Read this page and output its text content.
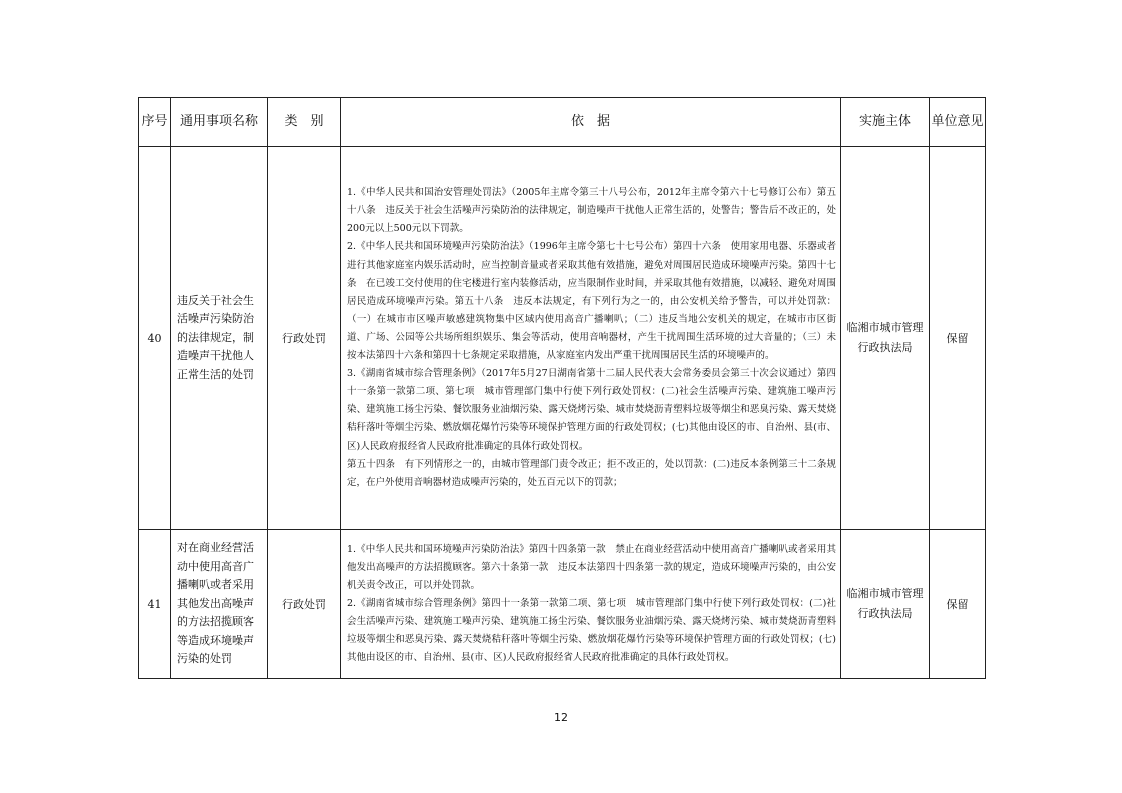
序号	通用事项名称	类　别	依　据	实施主体	单位意见
40	违反关于社会生活噪声污染防治的法律规定，制造噪声干扰他人正常生活的处罚	行政处罚	1.《中华人民共和国治安管理处罚法》（2005年主席令第三十八号公布，2012年主席令第六十七号修订公布）第五十八条　违反关于社会生活噪声污染防治的法律规定，制造噪声干扰他人正常生活的，处警告；警告后不改正的，处200元以上500元以下罚款。

2.《中华人民共和国环境噪声污染防治法》（1996年主席令第七十七号公布）第四十六条　使用家用电器、乐器或者进行其他家庭室内娱乐活动时，应当控制音量或者采取其他有效措施，避免对周围居民造成环境噪声污染。第四十七条　在已竣工交付使用的住宅楼进行室内装修活动，应当限制作业时间，并采取其他有效措施，以减轻、避免对周围居民造成环境噪声污染。第五十八条　违反本法规定，有下列行为之一的，由公安机关给予警告，可以并处罚款：（一）在城市市区噪声敏感建筑物集中区域内使用高音广播喇叭；（二）违反当地公安机关的规定，在城市市区街道、广场、公园等公共场所组织娱乐、集会等活动，使用音响器材，产生干扰周围生活环境的过大音量的；（三）未按本法第四十六条和第四十七条规定采取措施，从家庭室内发出严重干扰周围居民生活的环境噪声的。

3.《湖南省城市综合管理条例》（2017年5月27日湖南省第十二届人民代表大会常务委员会第三十次会议通过）第四十一条第一款第二项、第七项　城市管理部门集中行使下列行政处罚权：(二)社会生活噪声污染、建筑施工噪声污染、建筑施工扬尘污染、餐饮服务业油烟污染、露天烧烤污染、城市焚烧沥青塑料垃圾等烟尘和恶臭污染、露天焚烧秸秆落叶等烟尘污染、燃放烟花爆竹污染等环境保护管理方面的行政处罚权；(七)其他由设区的市、自治州、县(市、区)人民政府报经省人民政府批准确定的具体行政处罚权。

第五十四条　有下列情形之一的，由城市管理部门责令改正；拒不改正的，处以罚款：(二)违反本条例第三十二条规定，在户外使用音响器材造成噪声污染的，处五百元以下的罚款；	临湘市城市管理行政执法局	保留
41	对在商业经营活动中使用高音广播喇叭或者采用其他发出高噪声的方法招揽顾客等造成环境噪声污染的处罚	行政处罚	1.《中华人民共和国环境噪声污染防治法》第四十四条第一款　禁止在商业经营活动中使用高音广播喇叭或者采用其他发出高噪声的方法招揽顾客。第六十条第一款　违反本法第四十四条第一款的规定，造成环境噪声污染的，由公安机关责令改正，可以并处罚款。

2.《湖南省城市综合管理条例》第四十一条第一款第二项、第七项　城市管理部门集中行使下列行政处罚权：(二)社会生活噪声污染、建筑施工噪声污染、建筑施工扬尘污染、餐饮服务业油烟污染、露天烧烤污染、城市焚烧沥青塑料垃圾等烟尘和恶臭污染、露天焚烧秸秆落叶等烟尘污染、燃放烟花爆竹污染等环境保护管理方面的行政处罚权；(七)其他由设区的市、自治州、县(市、区)人民政府报经省人民政府批准确定的具体行政处罚权。	临湘市城市管理行政执法局	保留
12
